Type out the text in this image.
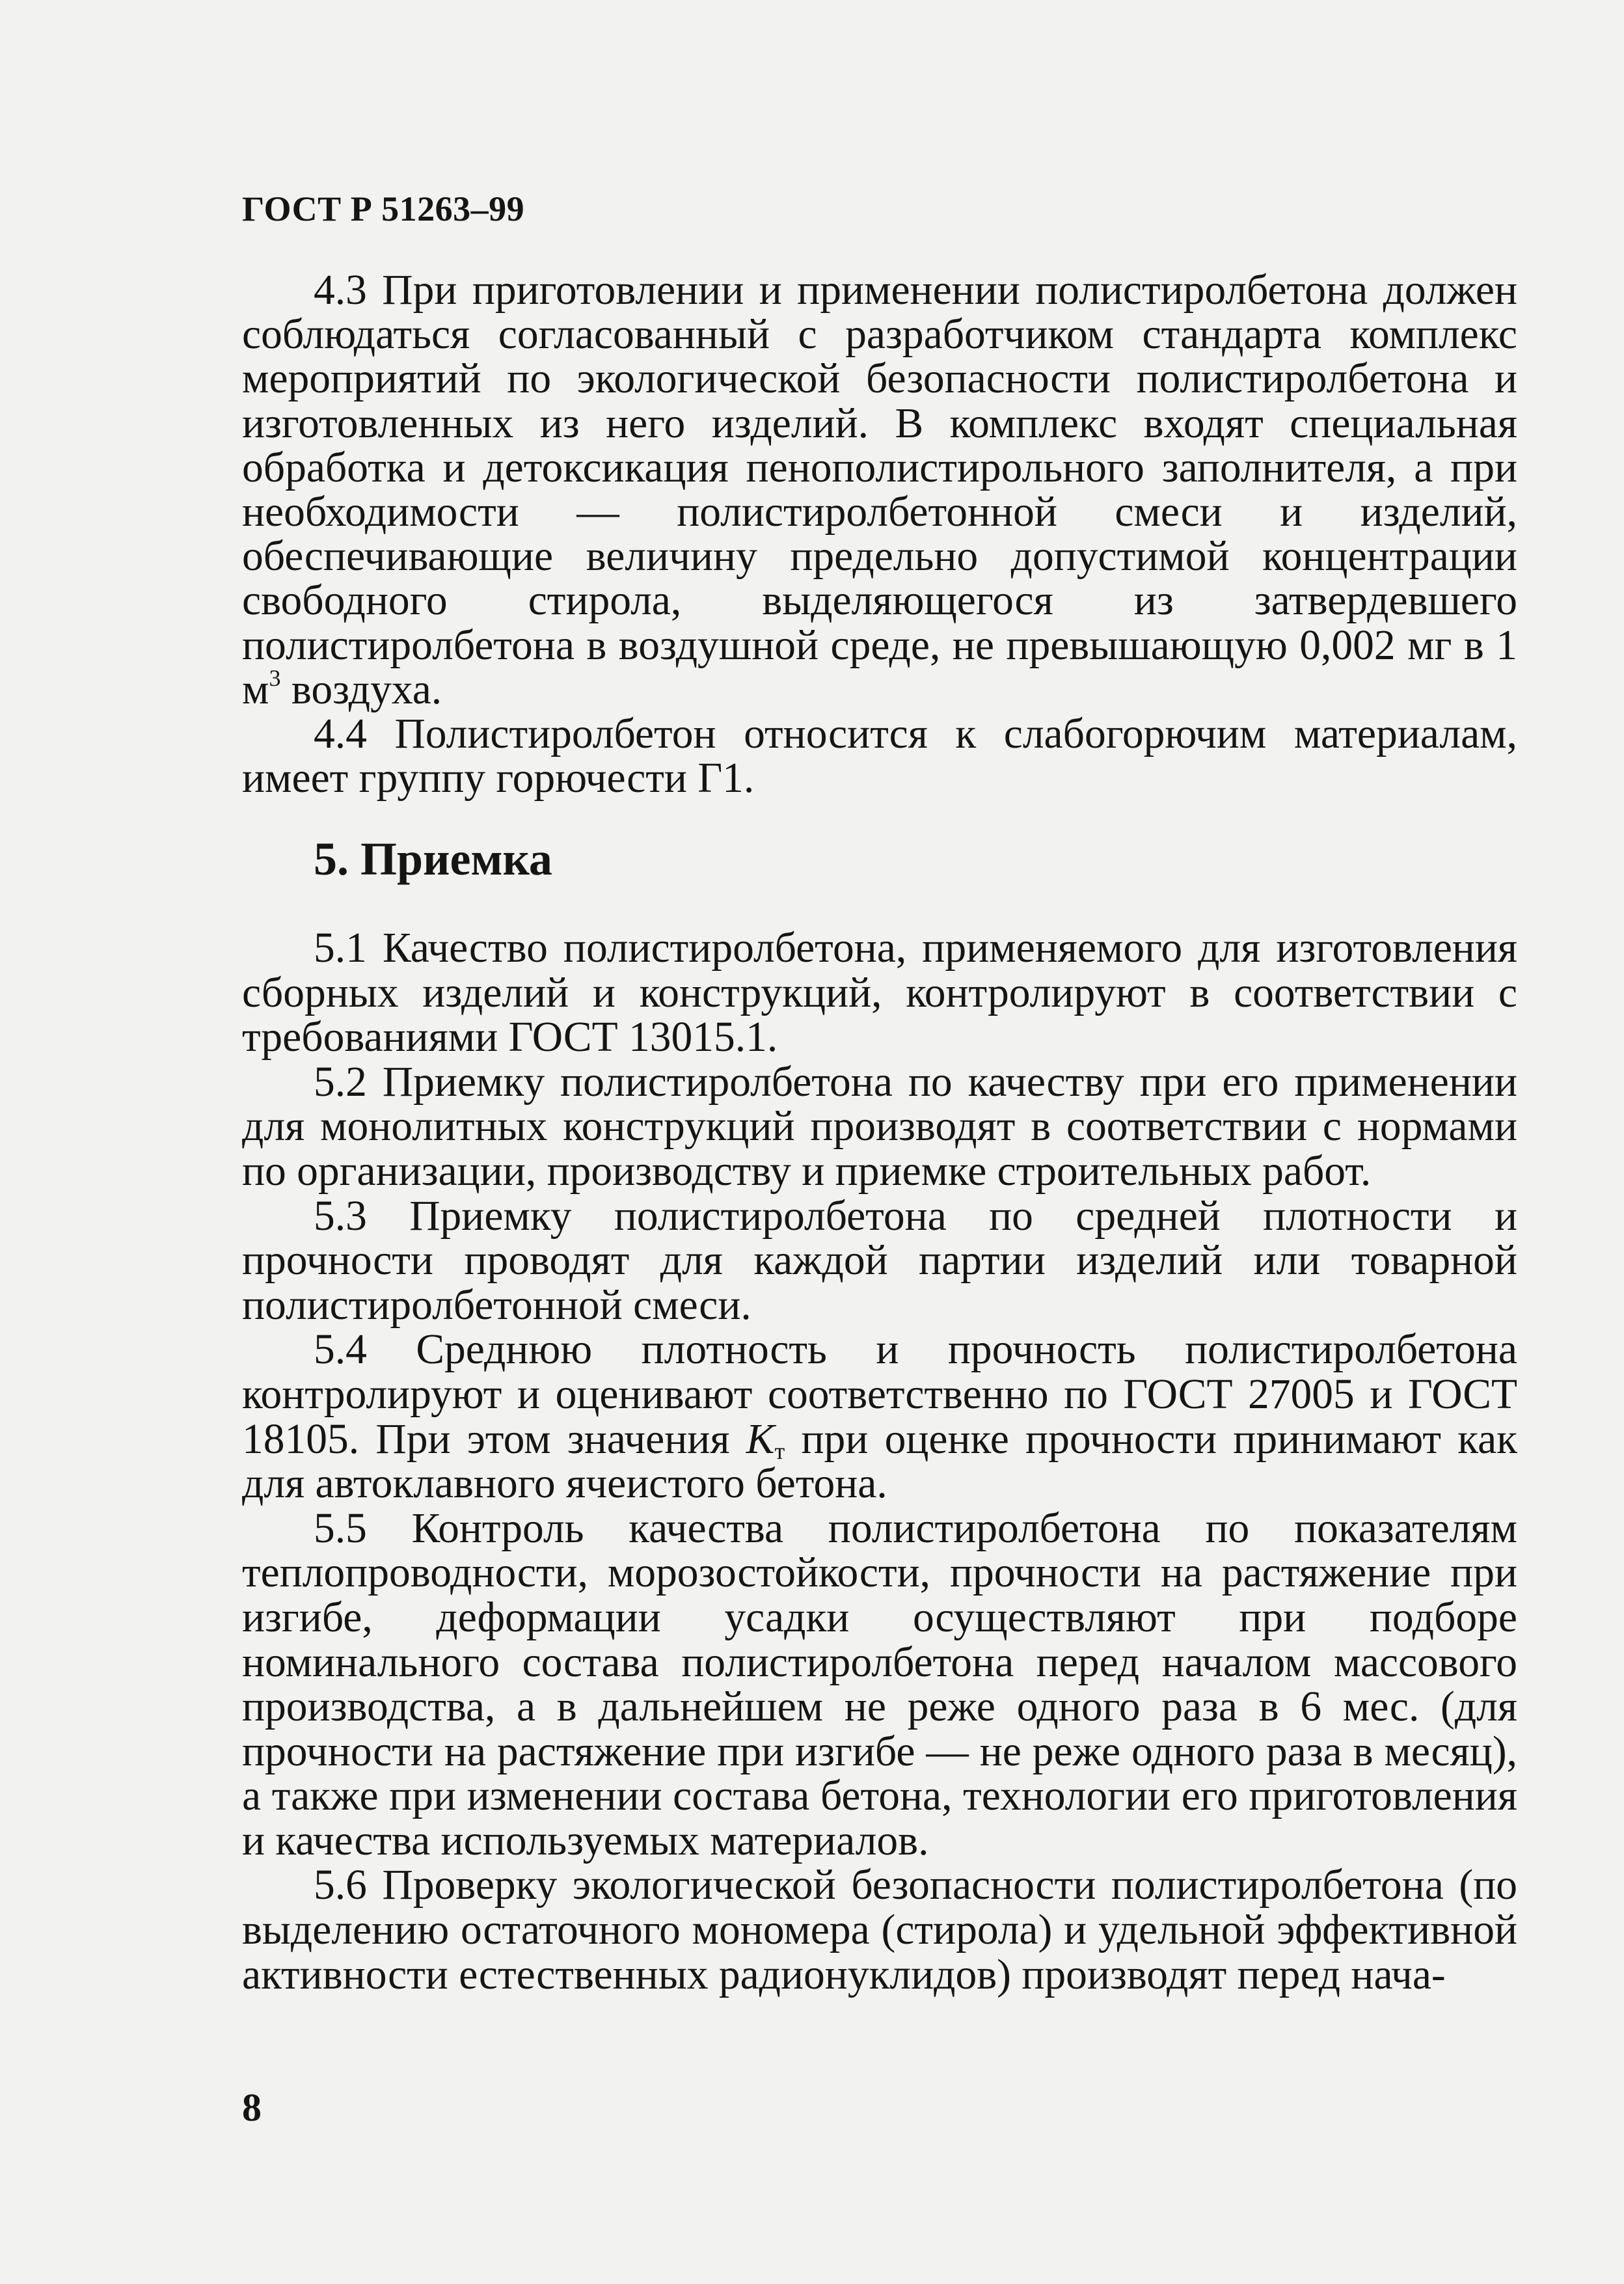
ГОСТ Р 51263–99

4.3 При приготовлении и применении полистиролбетона должен соблюдаться согласованный с разработчиком стандарта комплекс мероприятий по экологической безопасности полистиролбетона и изготовленных из него изделий. В комплекс входят специальная обработка и детоксикация пенополистирольного заполнителя, а при необходимости — полистиролбетонной смеси и изделий, обеспечивающие величину предельно допустимой концентрации свободного стирола, выделяющегося из затвердевшего полистиролбетона в воздушной среде, не превышающую 0,002 мг в 1 $м^3$ воздуха.

4.4 Полистиролбетон относится к слабогорючим материалам, имеет группу горючести Г1.

5. Приемка

5.1 Качество полистиролбетона, применяемого для изготовления сборных изделий и конструкций, контролируют в соответствии с требованиями ГОСТ 13015.1.

5.2 Приемку полистиролбетона по качеству при его применении для монолитных конструкций производят в соответствии с нормами по организации, производству и приемке строительных работ.

5.3 Приемку полистиролбетона по средней плотности и прочности проводят для каждой партии изделий или товарной полистиролбетонной смеси.

5.4 Среднюю плотность и прочность полистиролбетона контролируют и оценивают соответственно по ГОСТ 27005 и ГОСТ 18105. При этом значения $K_т$ при оценке прочности принимают как для автоклавного ячеистого бетона.

5.5 Контроль качества полистиролбетона по показателям теплопроводности, морозостойкости, прочности на растяжение при изгибе, деформации усадки осуществляют при подборе номинального состава полистиролбетона перед началом массового производства, а в дальнейшем не реже одного раза в 6 мес. (для прочности на растяжение при изгибе — не реже одного раза в месяц), а также при изменении состава бетона, технологии его приготовления и качества используемых материалов.

5.6 Проверку экологической безопасности полистиролбетона (по выделению остаточного мономера (стирола) и удельной эффективной активности естественных радионуклидов) производят перед нача-

8
